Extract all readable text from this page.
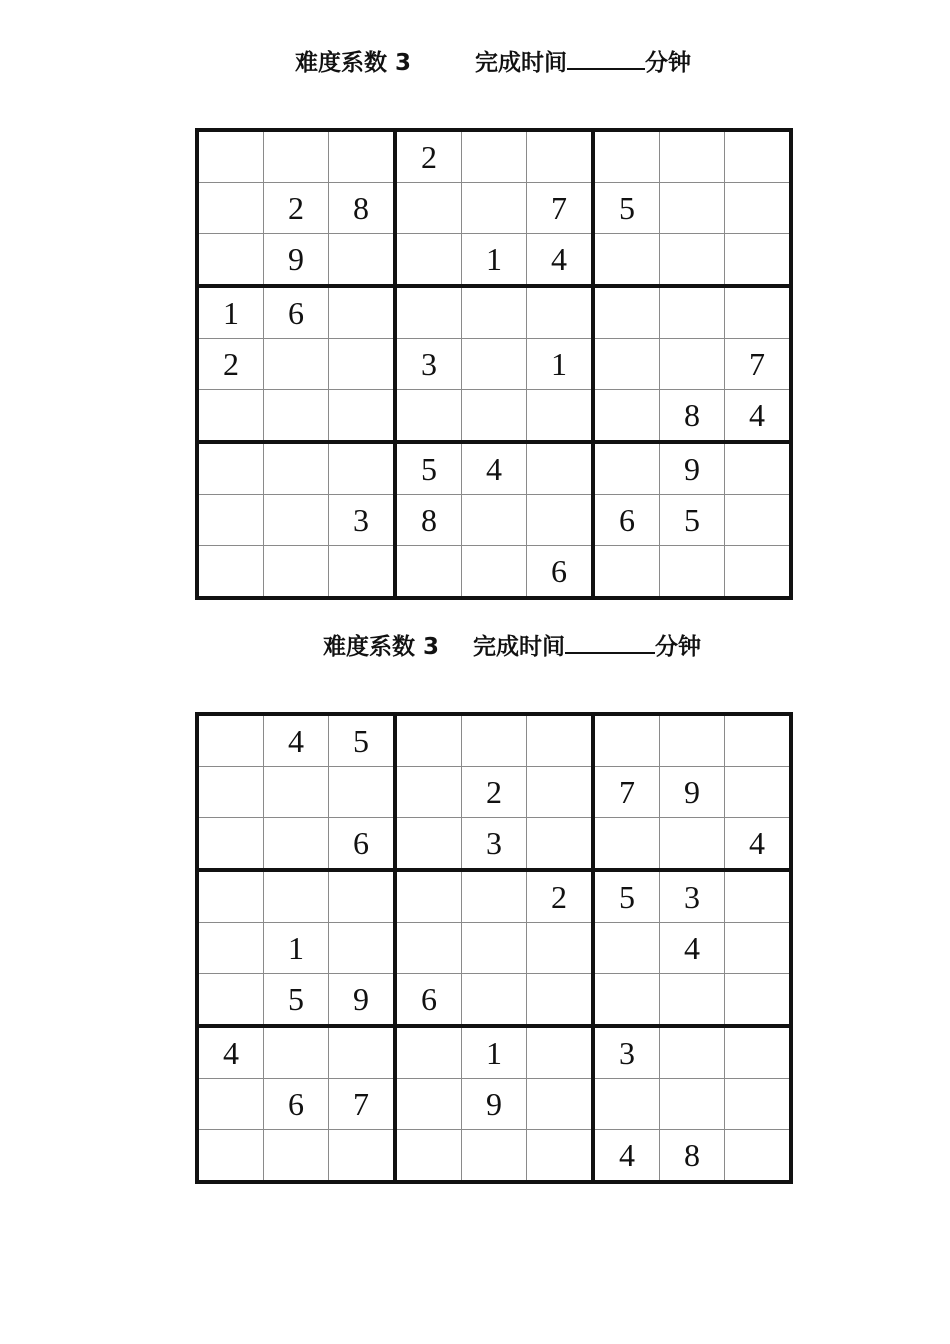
难度系数 3	完成时间	分钟
			2					
	2	8			7	5		
	9			1	4			
1	6							
2			3		1			7
							8	4
			5	4			9	
		3	8			6	5	
					6			
难度系数 3 完成时间	分钟
	4	5						
				2		7	9	
		6		3				4
					2	5	3	
	1						4	
	5	9	6					
4				1		3		
	6	7		9				
						4	8	
